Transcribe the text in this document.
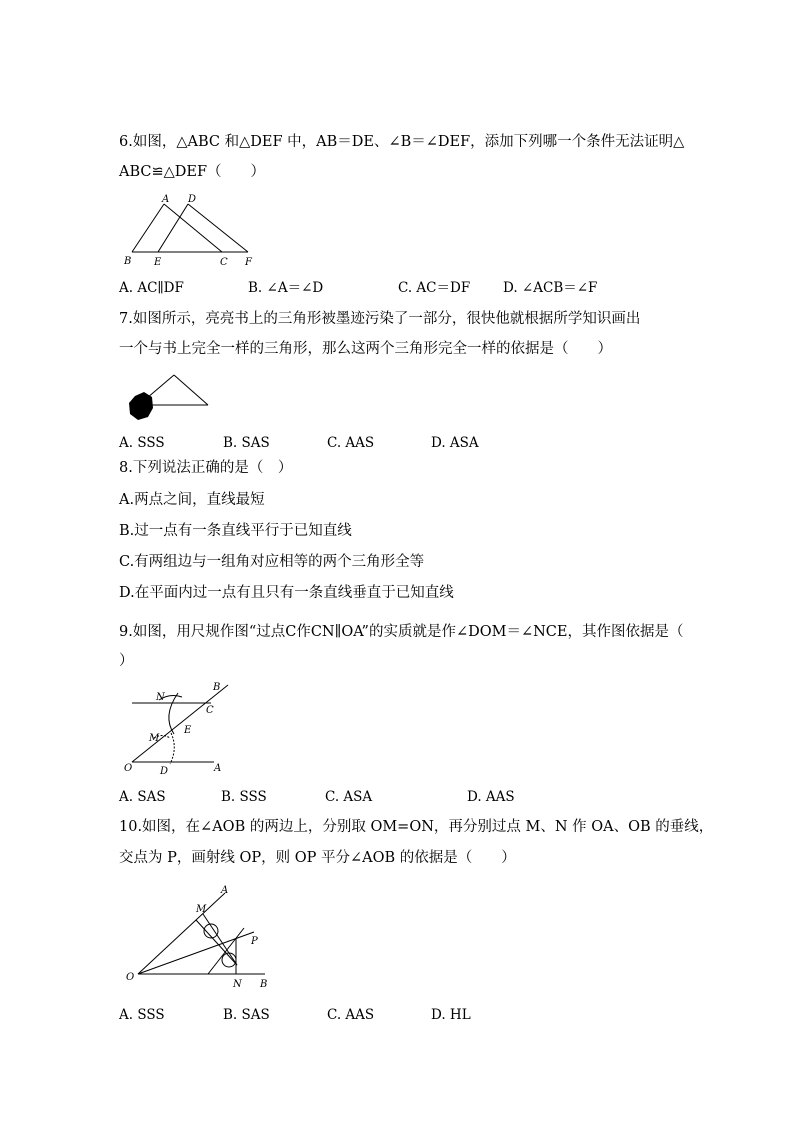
6.如图，△ABC 和△DEF 中，AB＝DE、∠B＝∠DEF，添加下列哪一个条件无法证明△
ABC≌△DEF（　　）
A D
B E	C F
A. AC∥DF	B. ∠A＝∠D	C. AC＝DF D. ∠ACB＝∠F
7.如图所示，亮亮书上的三角形被墨迹污染了一部分，很快他就根据所学知识画出
一个与书上完全一样的三角形，那么这两个三角形完全一样的依据是（　　）
A. SSS	B. SAS	C. AAS	D. ASA
8.下列说法正确的是（　）
A.两点之间，直线最短
B.过一点有一条直线平行于已知直线
C.有两组边与一组角对应相等的两个三角形全等
D.在平面内过一点有且只有一条直线垂直于已知直线
9.如图，用尺规作图“过点C作CN∥OA”的实质就是作∠DOM＝∠NCE，其作图依据是（
）
N
B
C
E
M
O	D	A
A. SAS	B. SSS	C. ASA	D. AAS
10.如图，在∠AOB 的两边上，分别取 OM=ON，再分别过点 M、N 作 OA、OB 的垂线，
交点为 P，画射线 OP，则 OP 平分∠AOB 的依据是（　　）
A
M
P
O
N B
A. SSS	B. SAS	C. AAS	D. HL
